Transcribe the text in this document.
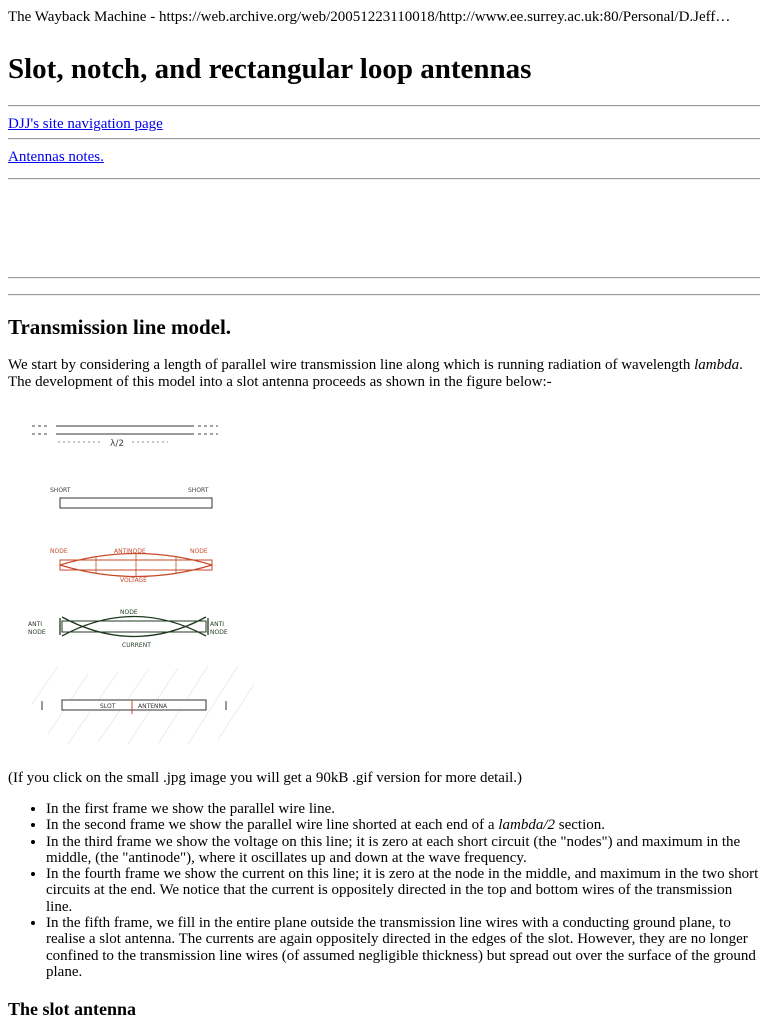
The Wayback Machine - https://web.archive.org/web/20051223110018/http://www.ee.surrey.ac.uk:80/Personal/D.Jeff…
Slot, notch, and rectangular loop antennas
DJJ's site navigation page
Antennas notes.
Transmission line model.

We start by considering a length of parallel wire transmission line along which is running radiation of wavelength lambda. The development of this model into a slot antenna proceeds as shown in the figure below:-

λ/2
SHORT	SHORT
NODE	ANTINODE	NODE
VOLTAGE
NODE
ANTI
NODE
ANTI
NODE
CURRENT
SLOT	ANTENNA

(If you click on the small .jpg image you will get a 90kB .gif version for more detail.)

• In the first frame we show the parallel wire line.
• In the second frame we show the parallel wire line shorted at each end of a lambda/2 section.
• In the third frame we show the voltage on this line; it is zero at each short circuit (the "nodes") and maximum in the middle, (the "antinode"), where it oscillates up and down at the wave frequency.
• In the fourth frame we show the current on this line; it is zero at the node in the middle, and maximum in the two short circuits at the end. We notice that the current is oppositely directed in the top and bottom wires of the transmission line.
• In the fifth frame, we fill in the entire plane outside the transmission line wires with a conducting ground plane, to realise a slot antenna. The currents are again oppositely directed in the edges of the slot. However, they are no longer confined to the transmission line wires (of assumed negligible thickness) but spread out over the surface of the ground plane.
The slot antenna
